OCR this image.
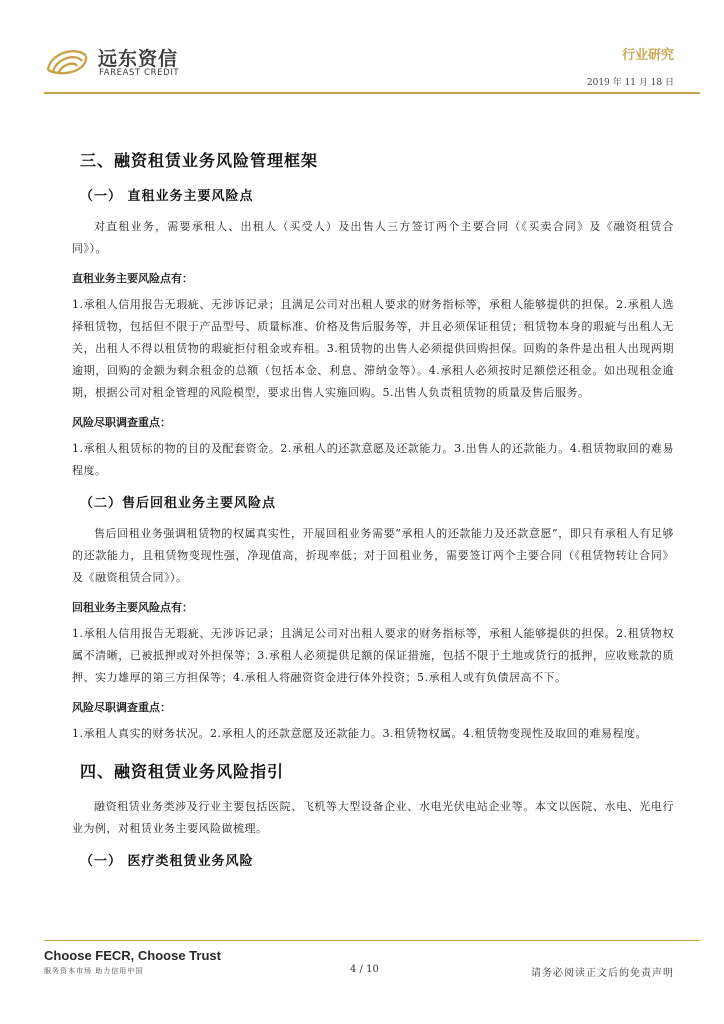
远东资信
FAREAST CREDIT
行业研究
2019 年 11 月 18 日
三、融资租赁业务风险管理框架
（一） 直租业务主要风险点
对直租业务，需要承租人、出租人（买受人）及出售人三方签订两个主要合同（《买卖合同》及《融资租赁合同》）。
直租业务主要风险点有：
1.承租人信用报告无瑕疵、无涉诉记录；且满足公司对出租人要求的财务指标等，承租人能够提供的担保。2.承租人选择租赁物，包括但不限于产品型号、质量标准、价格及售后服务等，并且必须保证租赁；租赁物本身的瑕疵与出租人无关，出租人不得以租赁物的瑕疵拒付租金或弃租。3.租赁物的出售人必须提供回购担保。回购的条件是出租人出现两期逾期，回购的金额为剩余租金的总额（包括本金、利息、滞纳金等）。4.承租人必须按时足额偿还租金。如出现租金逾期，根据公司对租金管理的风险模型，要求出售人实施回购。5.出售人负责租赁物的质量及售后服务。
风险尽职调查重点：
1.承租人租赁标的物的目的及配套资金。2.承租人的还款意愿及还款能力。3.出售人的还款能力。4.租赁物取回的难易程度。
（二）售后回租业务主要风险点
售后回租业务强调租赁物的权属真实性，开展回租业务需要“承租人的还款能力及还款意愿”，即只有承租人有足够的还款能力，且租赁物变现性强，净现值高，折现率低；对于回租业务，需要签订两个主要合同（《租赁物转让合同》及《融资租赁合同》）。
回租业务主要风险点有：
1.承租人信用报告无瑕疵、无涉诉记录；且满足公司对出租人要求的财务指标等，承租人能够提供的担保。2.租赁物权属不清晰，已被抵押或对外担保等；3.承租人必须提供足额的保证措施，包括不限于土地或货行的抵押，应收账款的质押、实力雄厚的第三方担保等；4.承租人将融资资金进行体外投资；5.承租人或有负债居高不下。
风险尽职调查重点：
1.承租人真实的财务状况。2.承租人的还款意愿及还款能力。3.租赁物权属。4.租赁物变现性及取回的难易程度。
四、融资租赁业务风险指引
融资租赁业务类涉及行业主要包括医院、飞机等大型设备企业、水电光伏电站企业等。本文以医院、水电、光电行业为例，对租赁业务主要风险做梳理。
（一） 医疗类租赁业务风险
Choose FECR, Choose Trust
服务资本市场 助力信用中国	4 / 10	请务必阅读正文后的免责声明
